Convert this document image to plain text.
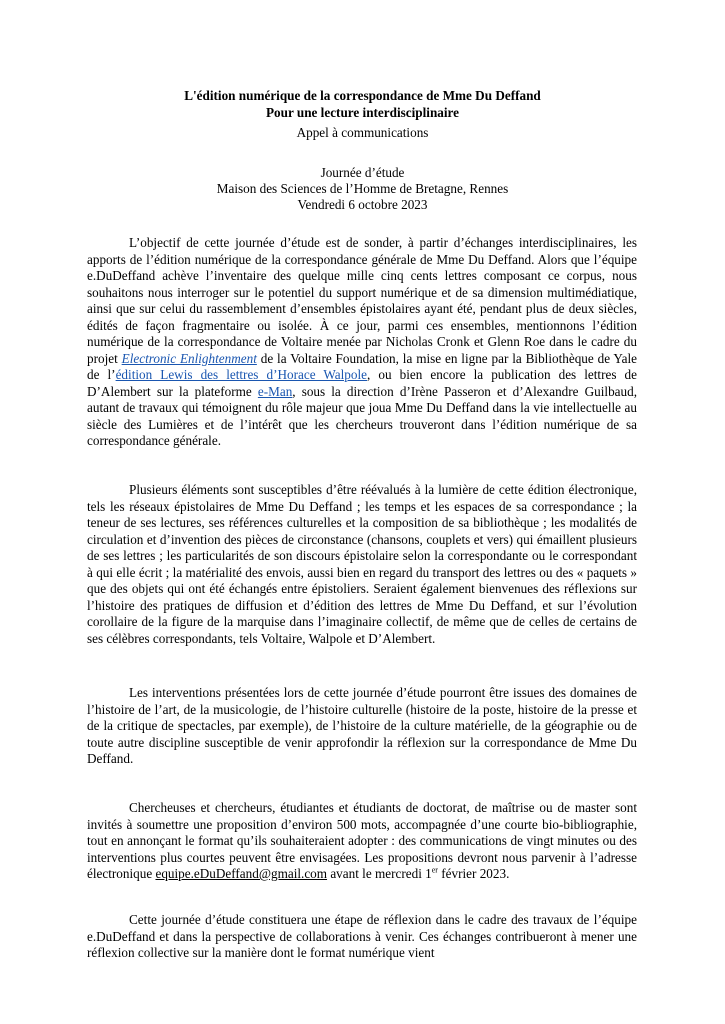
L'édition numérique de la correspondance de Mme Du Deffand
Pour une lecture interdisciplinaire
Appel à communications
Journée d’étude
Maison des Sciences de l’Homme de Bretagne, Rennes
Vendredi 6 octobre 2023

L’objectif de cette journée d’étude est de sonder, à partir d’échanges interdisciplinaires, les apports de l’édition numérique de la correspondance générale de Mme Du Deffand. Alors que l’équipe e.DuDeffand achève l’inventaire des quelque mille cinq cents lettres composant ce corpus, nous souhaitons nous interroger sur le potentiel du support numérique et de sa dimension multimédiatique, ainsi que sur celui du rassemblement d’ensembles épistolaires ayant été, pendant plus de deux siècles, édités de façon fragmentaire ou isolée. À ce jour, parmi ces ensembles, mentionnons l’édition numérique de la correspondance de Voltaire menée par Nicholas Cronk et Glenn Roe dans le cadre du projet Electronic Enlightenment de la Voltaire Foundation, la mise en ligne par la Bibliothèque de Yale de l’édition Lewis des lettres d’Horace Walpole, ou bien encore la publication des lettres de D’Alembert sur la plateforme e-Man, sous la direction d’Irène Passeron et d’Alexandre Guilbaud, autant de travaux qui témoignent du rôle majeur que joua Mme Du Deffand dans la vie intellectuelle au siècle des Lumières et de l’intérêt que les chercheurs trouveront dans l’édition numérique de sa correspondance générale.

Plusieurs éléments sont susceptibles d’être réévalués à la lumière de cette édition électronique, tels les réseaux épistolaires de Mme Du Deffand ; les temps et les espaces de sa correspondance ; la teneur de ses lectures, ses références culturelles et la composition de sa bibliothèque ; les modalités de circulation et d’invention des pièces de circonstance (chansons, couplets et vers) qui émaillent plusieurs de ses lettres ; les particularités de son discours épistolaire selon la correspondante ou le correspondant à qui elle écrit ; la matérialité des envois, aussi bien en regard du transport des lettres ou des « paquets » que des objets qui ont été échangés entre épistoliers. Seraient également bienvenues des réflexions sur l’histoire des pratiques de diffusion et d’édition des lettres de Mme Du Deffand, et sur l’évolution corollaire de la figure de la marquise dans l’imaginaire collectif, de même que de celles de certains de ses célèbres correspondants, tels Voltaire, Walpole et D’Alembert.

Les interventions présentées lors de cette journée d’étude pourront être issues des domaines de l’histoire de l’art, de la musicologie, de l’histoire culturelle (histoire de la poste, histoire de la presse et de la critique de spectacles, par exemple), de l’histoire de la culture matérielle, de la géographie ou de toute autre discipline susceptible de venir approfondir la réflexion sur la correspondance de Mme Du Deffand.

Chercheuses et chercheurs, étudiantes et étudiants de doctorat, de maîtrise ou de master sont invités à soumettre une proposition d’environ 500 mots, accompagnée d’une courte bio-bibliographie, tout en annonçant le format qu’ils souhaiteraient adopter : des communications de vingt minutes ou des interventions plus courtes peuvent être envisagées. Les propositions devront nous parvenir à l’adresse électronique equipe.eDuDeffand@gmail.com avant le mercredi 1er février 2023.

Cette journée d’étude constituera une étape de réflexion dans le cadre des travaux de l’équipe e.DuDeffand et dans la perspective de collaborations à venir. Ces échanges contribueront à mener une réflexion collective sur la manière dont le format numérique vient
